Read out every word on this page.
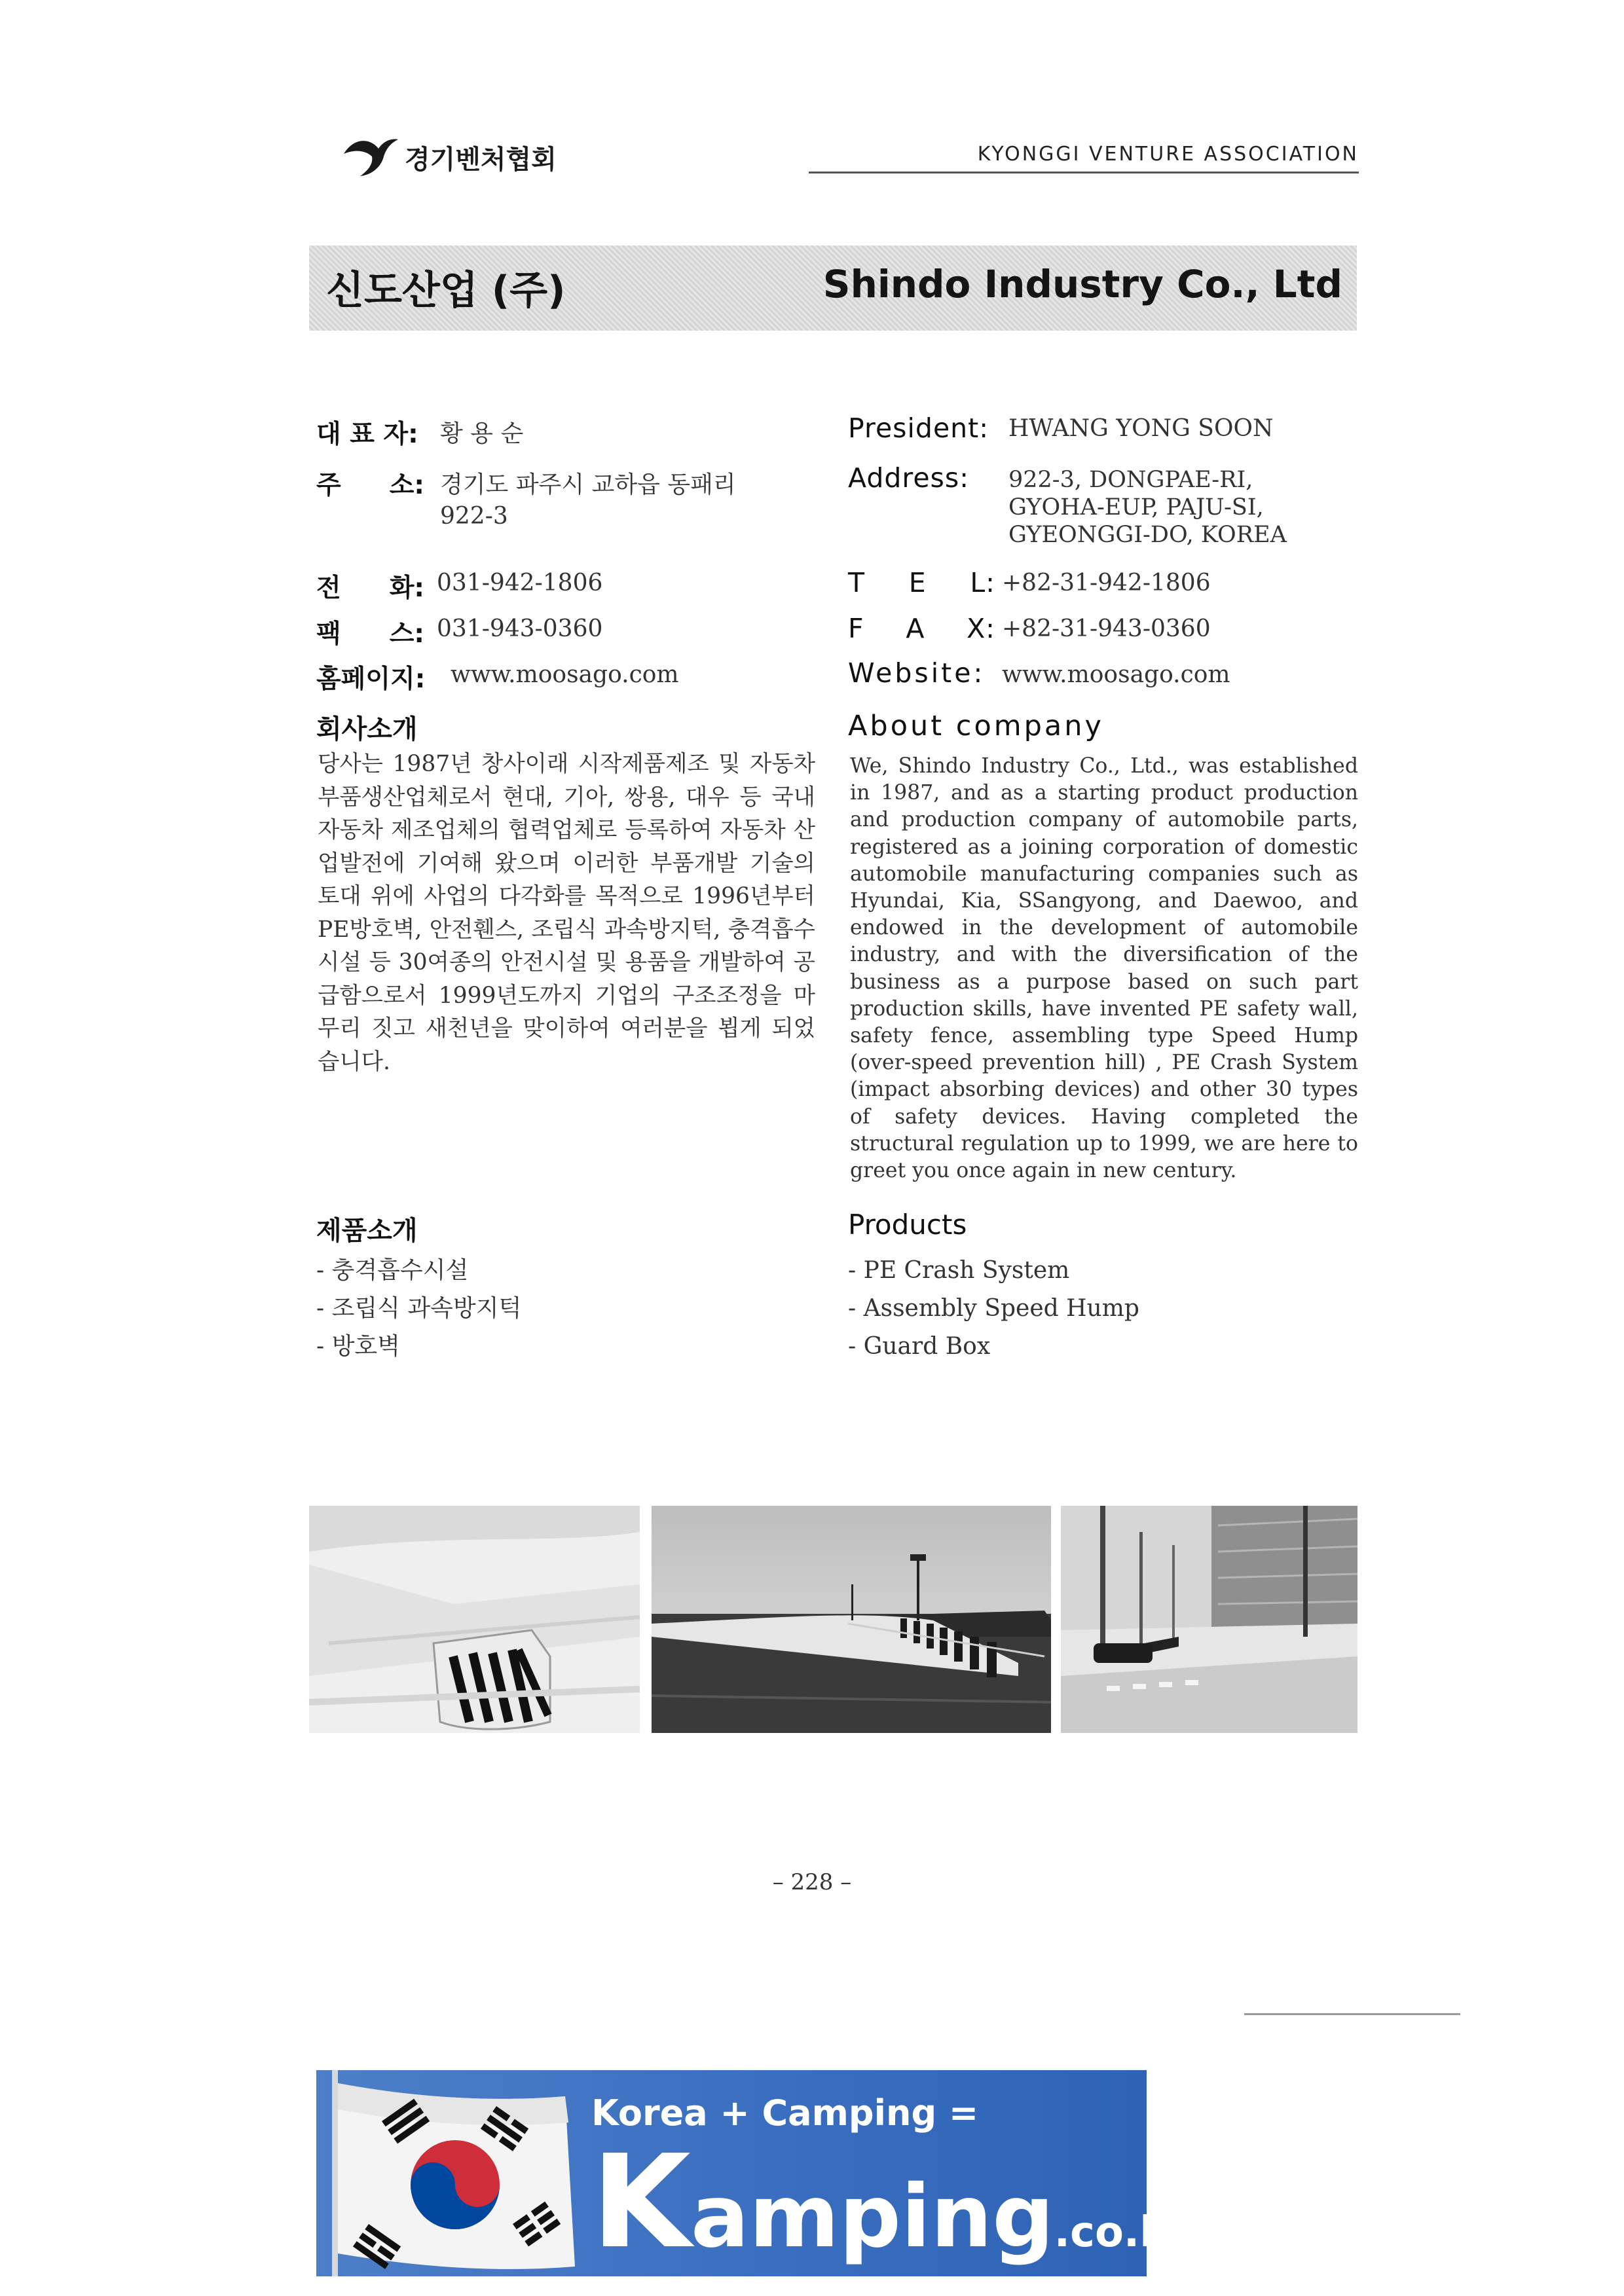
경기벤처협회	KYONGGI VENTURE ASSOCIATION
신도산업 (주)	Shindo Industry Co., Ltd
대 표 자: 황 용 순
주 소: 경기도 파주시 교하읍 동패리
922-3
전 화: 031-942-1806
팩 스: 031-943-0360
홈페이지: www.moosago.com
President: HWANG YONG SOON
Address: 922-3, DONGPAE-RI,
GYOHA-EUP, PAJU-SI,
GYEONGGI-DO, KOREA
T E L: +82-31-942-1806
F A X: +82-31-943-0360
Website: www.moosago.com
회사소개	About company
당사는 1987년 창사이래 시작제품제조 및 자동차 부품생산업체로서 현대, 기아, 쌍용, 대우 등 국내 자동차 제조업체의 협력업체로 등록하여 자동차 산업발전에 기여해 왔으며 이러한 부품개발 기술의 토대 위에 사업의 다각화를 목적으로 1996년부터 PE방호벽, 안전휀스, 조립식 과속방지턱, 충격흡수 시설 등 30여종의 안전시설 및 용품을 개발하여 공급함으로서 1999년도까지 기업의 구조조정을 마무리 짓고 새천년을 맞이하여 여러분을 뵙게 되었습니다.
We, Shindo Industry Co., Ltd., was established in 1987, and as a starting product production and production company of automobile parts, registered as a joining corporation of domestic automobile manufacturing companies such as Hyundai, Kia, SSangyong, and Daewoo, and endowed in the development of automobile industry, and with the diversification of the business as a purpose based on such part production skills, have invented PE safety wall, safety fence, assembling type Speed Hump (over-speed prevention hill) , PE Crash System (impact absorbing devices) and other 30 types of safety devices. Having completed the structural regulation up to 1999, we are here to greet you once again in new century.
제품소개	Products
- 충격흡수시설
- 조립식 과속방지턱
- 방호벽
- PE Crash System
- Assembly Speed Hump
- Guard Box
– 228 –
Korea + Camping =
Kamping.co.kr
